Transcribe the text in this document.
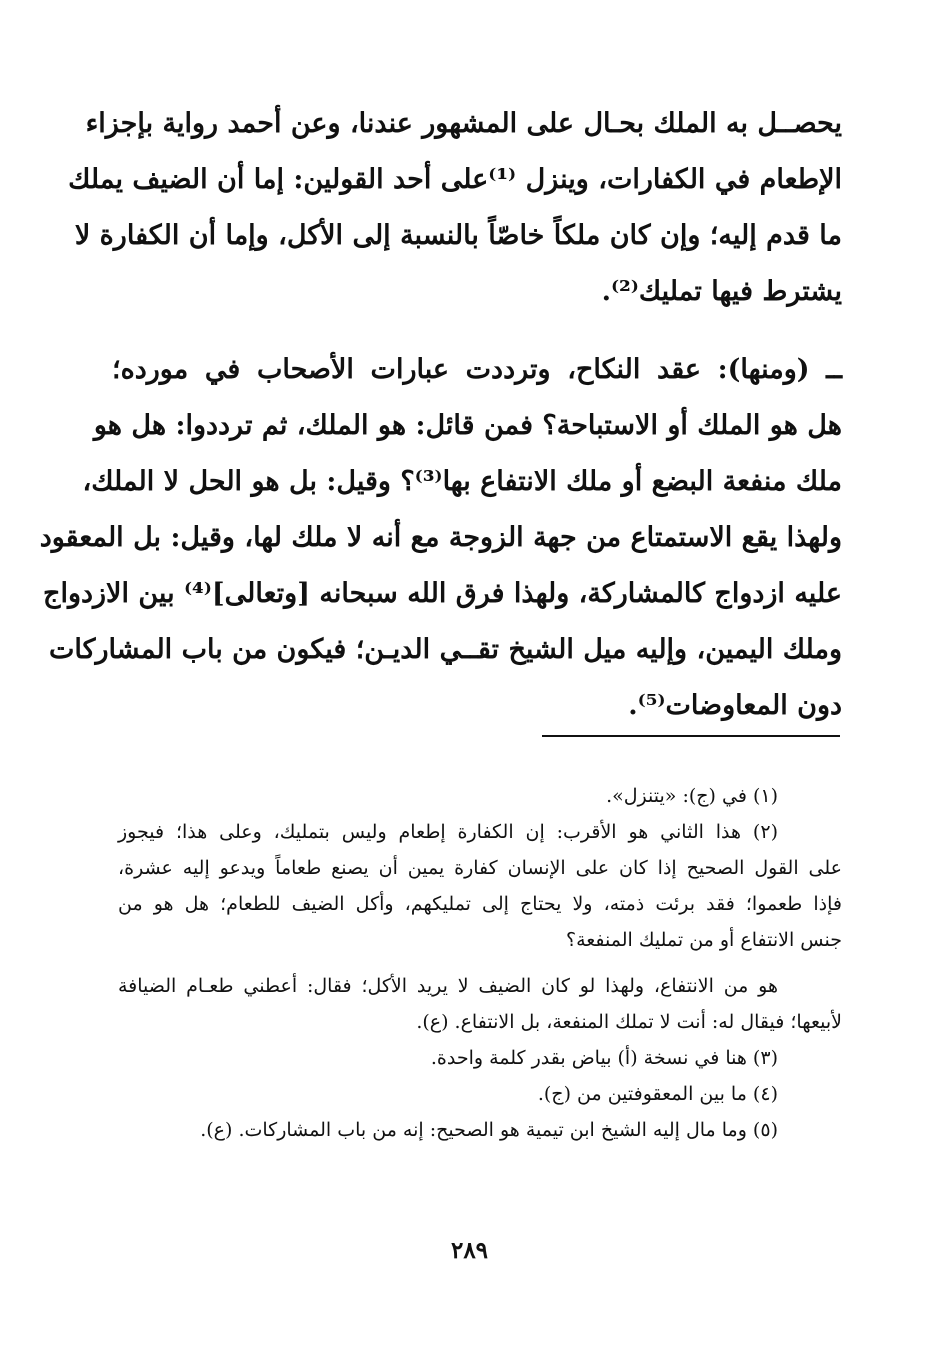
يحصــل به الملك بحـال على المشهور عندنا، وعن أحمد رواية بإجزاء
الإطعام في الكفارات، وينزل ⁽¹⁾على أحد القولين: إما أن الضيف يملك
ما قدم إليه؛ وإن كان ملكاً خاصّاً بالنسبة إلى الأكل، وإما أن الكفارة لا
يشترط فيها تمليك⁽²⁾.
ــ (ومنها): عقد النكاح، وترددت عبارات الأصحاب في مورده؛
هل هو الملك أو الاستباحة؟ فمن قائل: هو الملك، ثم ترددوا: هل هو
ملك منفعة البضع أو ملك الانتفاع بها⁽³⁾؟ وقيل: بل هو الحل لا الملك،
ولهذا يقع الاستمتاع من جهة الزوجة مع أنه لا ملك لها، وقيل: بل المعقود
عليه ازدواج كالمشاركة، ولهذا فرق الله سبحانه [وتعالى]⁽⁴⁾ بين الازدواج
وملك اليمين، وإليه ميل الشيخ تقــي الديـن؛ فيكون من باب المشاركات
دون المعاوضات⁽⁵⁾.
(١) في (ج): «يتنزل».
(٢) هذا الثاني هو الأقرب: إن الكفارة إطعام وليس بتمليك، وعلى هذا؛ فيجوز
على القول الصحيح إذا كان على الإنسان كفارة يمين أن يصنع طعاماً ويدعو إليه عشرة،
فإذا طعموا؛ فقد برئت ذمته، ولا يحتاج إلى تمليكهم، وأكل الضيف للطعام؛ هل هو من
جنس الانتفاع أو من تمليك المنفعة؟
هو من الانتفاع، ولهذا لو كان الضيف لا يريد الأكل؛ فقال: أعطني طعـام الضيافة
لأبيعها؛ فيقال له: أنت لا تملك المنفعة، بل الانتفاع. (ع).
(٣) هنا في نسخة (أ) بياض بقدر كلمة واحدة.
(٤) ما بين المعقوفتين من (ج).
(٥) وما مال إليه الشيخ ابن تيمية هو الصحيح: إنه من باب المشاركات. (ع).
٢٨٩
